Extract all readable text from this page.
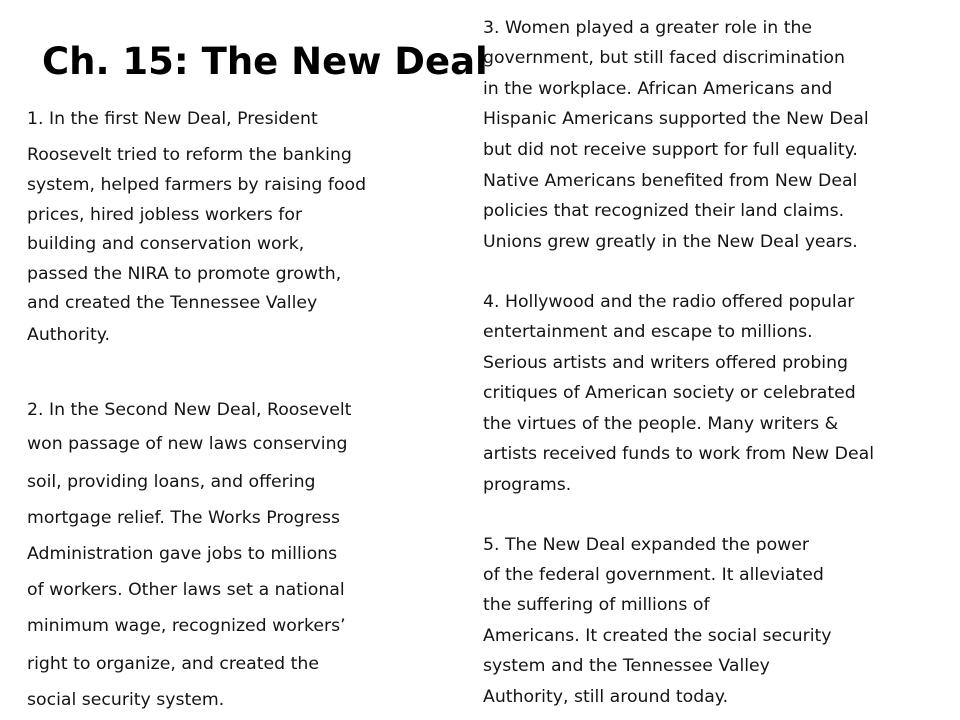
Ch. 15: The New Deal
1. In the first New Deal, President
Roosevelt tried to reform the banking
system, helped farmers by raising food
prices, hired jobless workers for
building and conservation work,
passed the NIRA to promote growth,
and created the Tennessee Valley
Authority.
2. In the Second New Deal, Roosevelt
won passage of new laws conserving
soil, providing loans, and offering
mortgage relief. The Works Progress
Administration gave jobs to millions
of workers. Other laws set a national
minimum wage, recognized workers’
right to organize, and created the
social security system.
3. Women played a greater role in the
government, but still faced discrimination
in the workplace. African Americans and
Hispanic Americans supported the New Deal
but did not receive support for full equality.
Native Americans benefited from New Deal
policies that recognized their land claims.
Unions grew greatly in the New Deal years.
4. Hollywood and the radio offered popular
entertainment and escape to millions.
Serious artists and writers offered probing
critiques of American society or celebrated
the virtues of the people. Many writers &
artists received funds to work from New Deal
programs.
5. The New Deal expanded the power
of the federal government. It alleviated
the suffering of millions of
Americans. It created the social security
system and the Tennessee Valley
Authority, still around today.
